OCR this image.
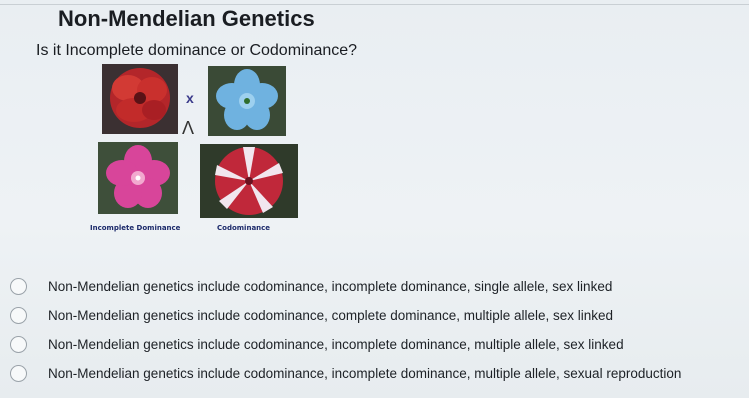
Non-Mendelian Genetics
Is it Incomplete dominance or Codominance?
x
Λ
Incomplete Dominance	Codominance
Non-Mendelian genetics include codominance, incomplete dominance, single allele, sex linked
Non-Mendelian genetics include codominance, complete dominance, multiple allele, sex linked
Non-Mendelian genetics include codominance, incomplete dominance, multiple allele, sex linked
Non-Mendelian genetics include codominance, incomplete dominance, multiple allele, sexual reproduction
